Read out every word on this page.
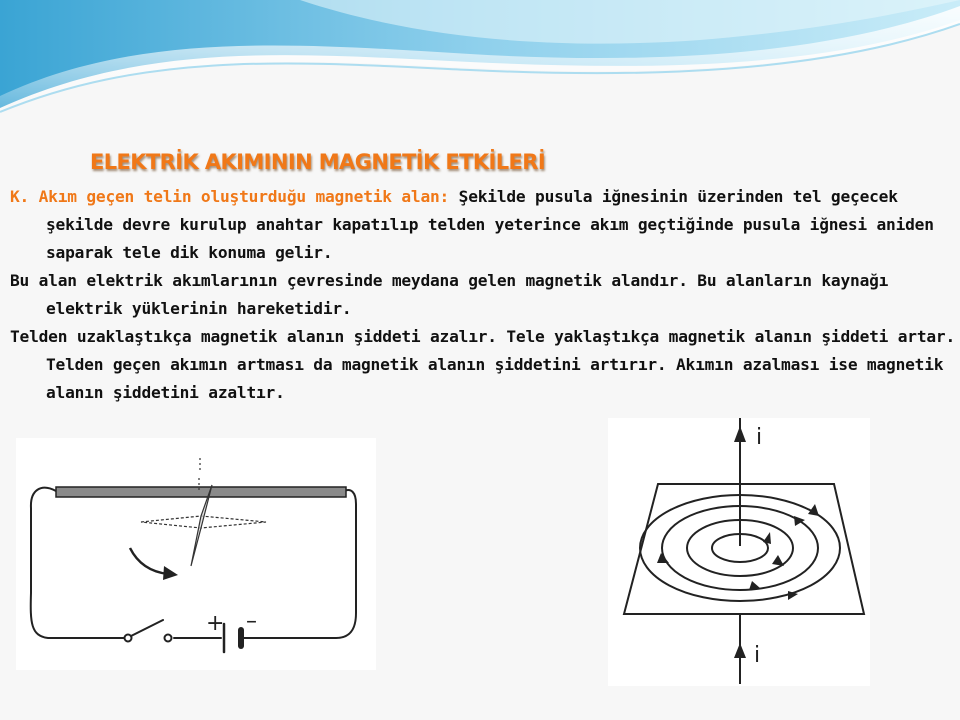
ELEKTRİK AKIMININ MAGNETİK ETKİLERİ

K. Akım geçen telin oluşturduğu magnetik alan: Şekilde pusula iğnesinin üzerinden tel geçecek şekilde devre kurulup anahtar kapatılıp telden yeterince akım geçtiğinde pusula iğnesi aniden saparak tele dik konuma gelir.

Bu alan elektrik akımlarının çevresinde meydana gelen magnetik alandır. Bu alanların kaynağı elektrik yüklerinin hareketidir.

Telden uzaklaştıkça magnetik alanın şiddeti azalır. Tele yaklaştıkça magnetik alanın şiddeti artar. Telden geçen akımın artması da magnetik alanın şiddetini artırır. Akımın azalması ise magnetik alanın şiddetini azaltır.

+ –
i
i
